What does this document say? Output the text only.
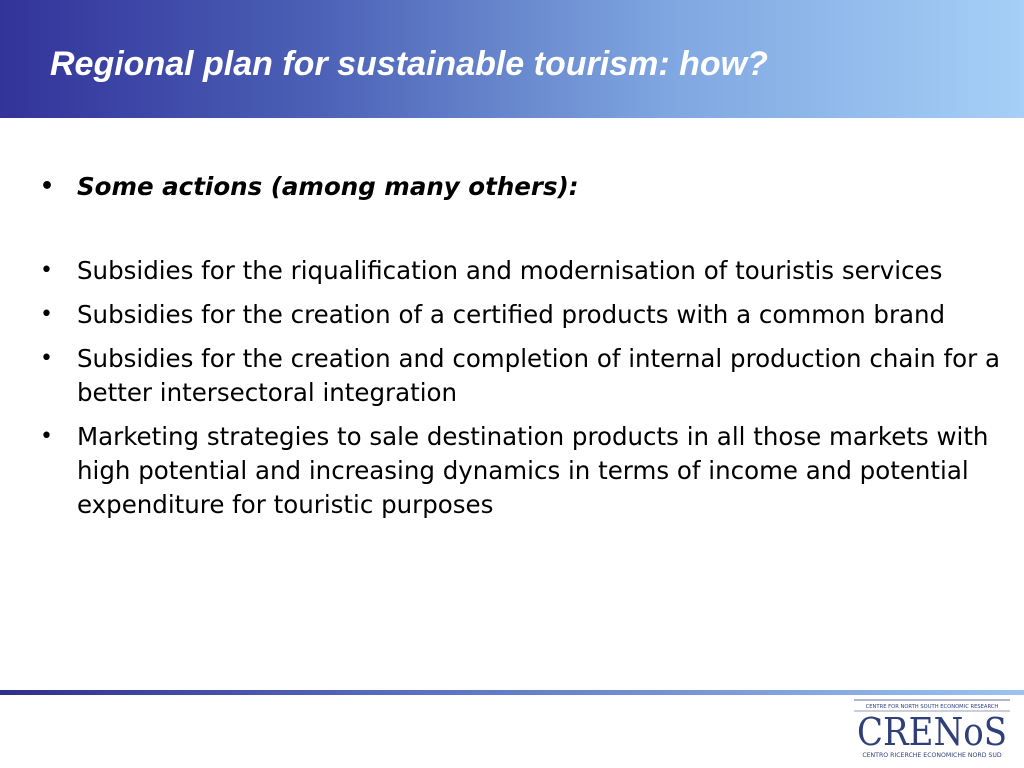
Regional plan for sustainable tourism: how?
• Some actions (among many others):
• Subsidies for the riqualification and modernisation of touristis services
• Subsidies for the creation of a certified products with a common brand
• Subsidies for the creation and completion of internal production chain for a better intersectoral integration
• Marketing strategies to sale destination products in all those markets with high potential and increasing dynamics in terms of income and potential expenditure for touristic purposes
CENTRE FOR NORTH SOUTH ECONOMIC RESEARCH
CRENoS
CENTRO RICERCHE ECONOMICHE NORD SUD
